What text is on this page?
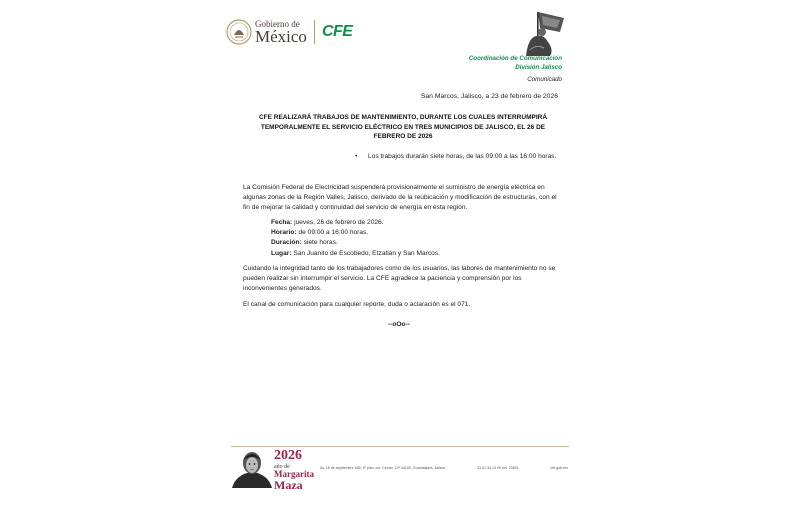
Gobierno de
México CFE
Coordinación de Comunicación
División Jalisco
Comunicado
San Marcos, Jalisco, a 23 de febrero de 2026
CFE REALIZARÁ TRABAJOS DE MANTENIMIENTO, DURANTE LOS CUALES INTERRUMPIRÁ TEMPORALMENTE EL SERVICIO ELÉCTRICO EN TRES MUNICIPIOS DE JALISCO, EL 26 DE FEBRERO DE 2026
• Los trabajos durarán siete horas, de las 09:00 a las 16:00 horas.
La Comisión Federal de Electricidad suspenderá provisionalmente el suministro de energía eléctrica en algunas zonas de la Región Valles, Jalisco, derivado de la reubicación y modificación de estructuras, con el fin de mejorar la calidad y continuidad del servicio de energía en esta región.
Fecha: jueves, 26 de febrero de 2026.
Horario: de 09:00 a 16:00 horas.
Duración: siete horas.
Lugar: San Juanito de Escobedo, Etzatlán y San Marcos.
Cuidando la integridad tanto de los trabajadores como de los usuarios, las labores de mantenimiento no se pueden realizar sin interrumpir el servicio. La CFE agradece la paciencia y comprensión por los inconvenientes generados.
El canal de comunicación para cualquier reporte, duda o aclaración es el 071.
--oOo--
2026
año de
Margarita
Maza
Av. 16 de septiembre 485, 4º piso, col. Centro, CP 44100, Guadalajara, Jalisco	33 31 34 13 00 ext. 23601	cfe.gob.mx
